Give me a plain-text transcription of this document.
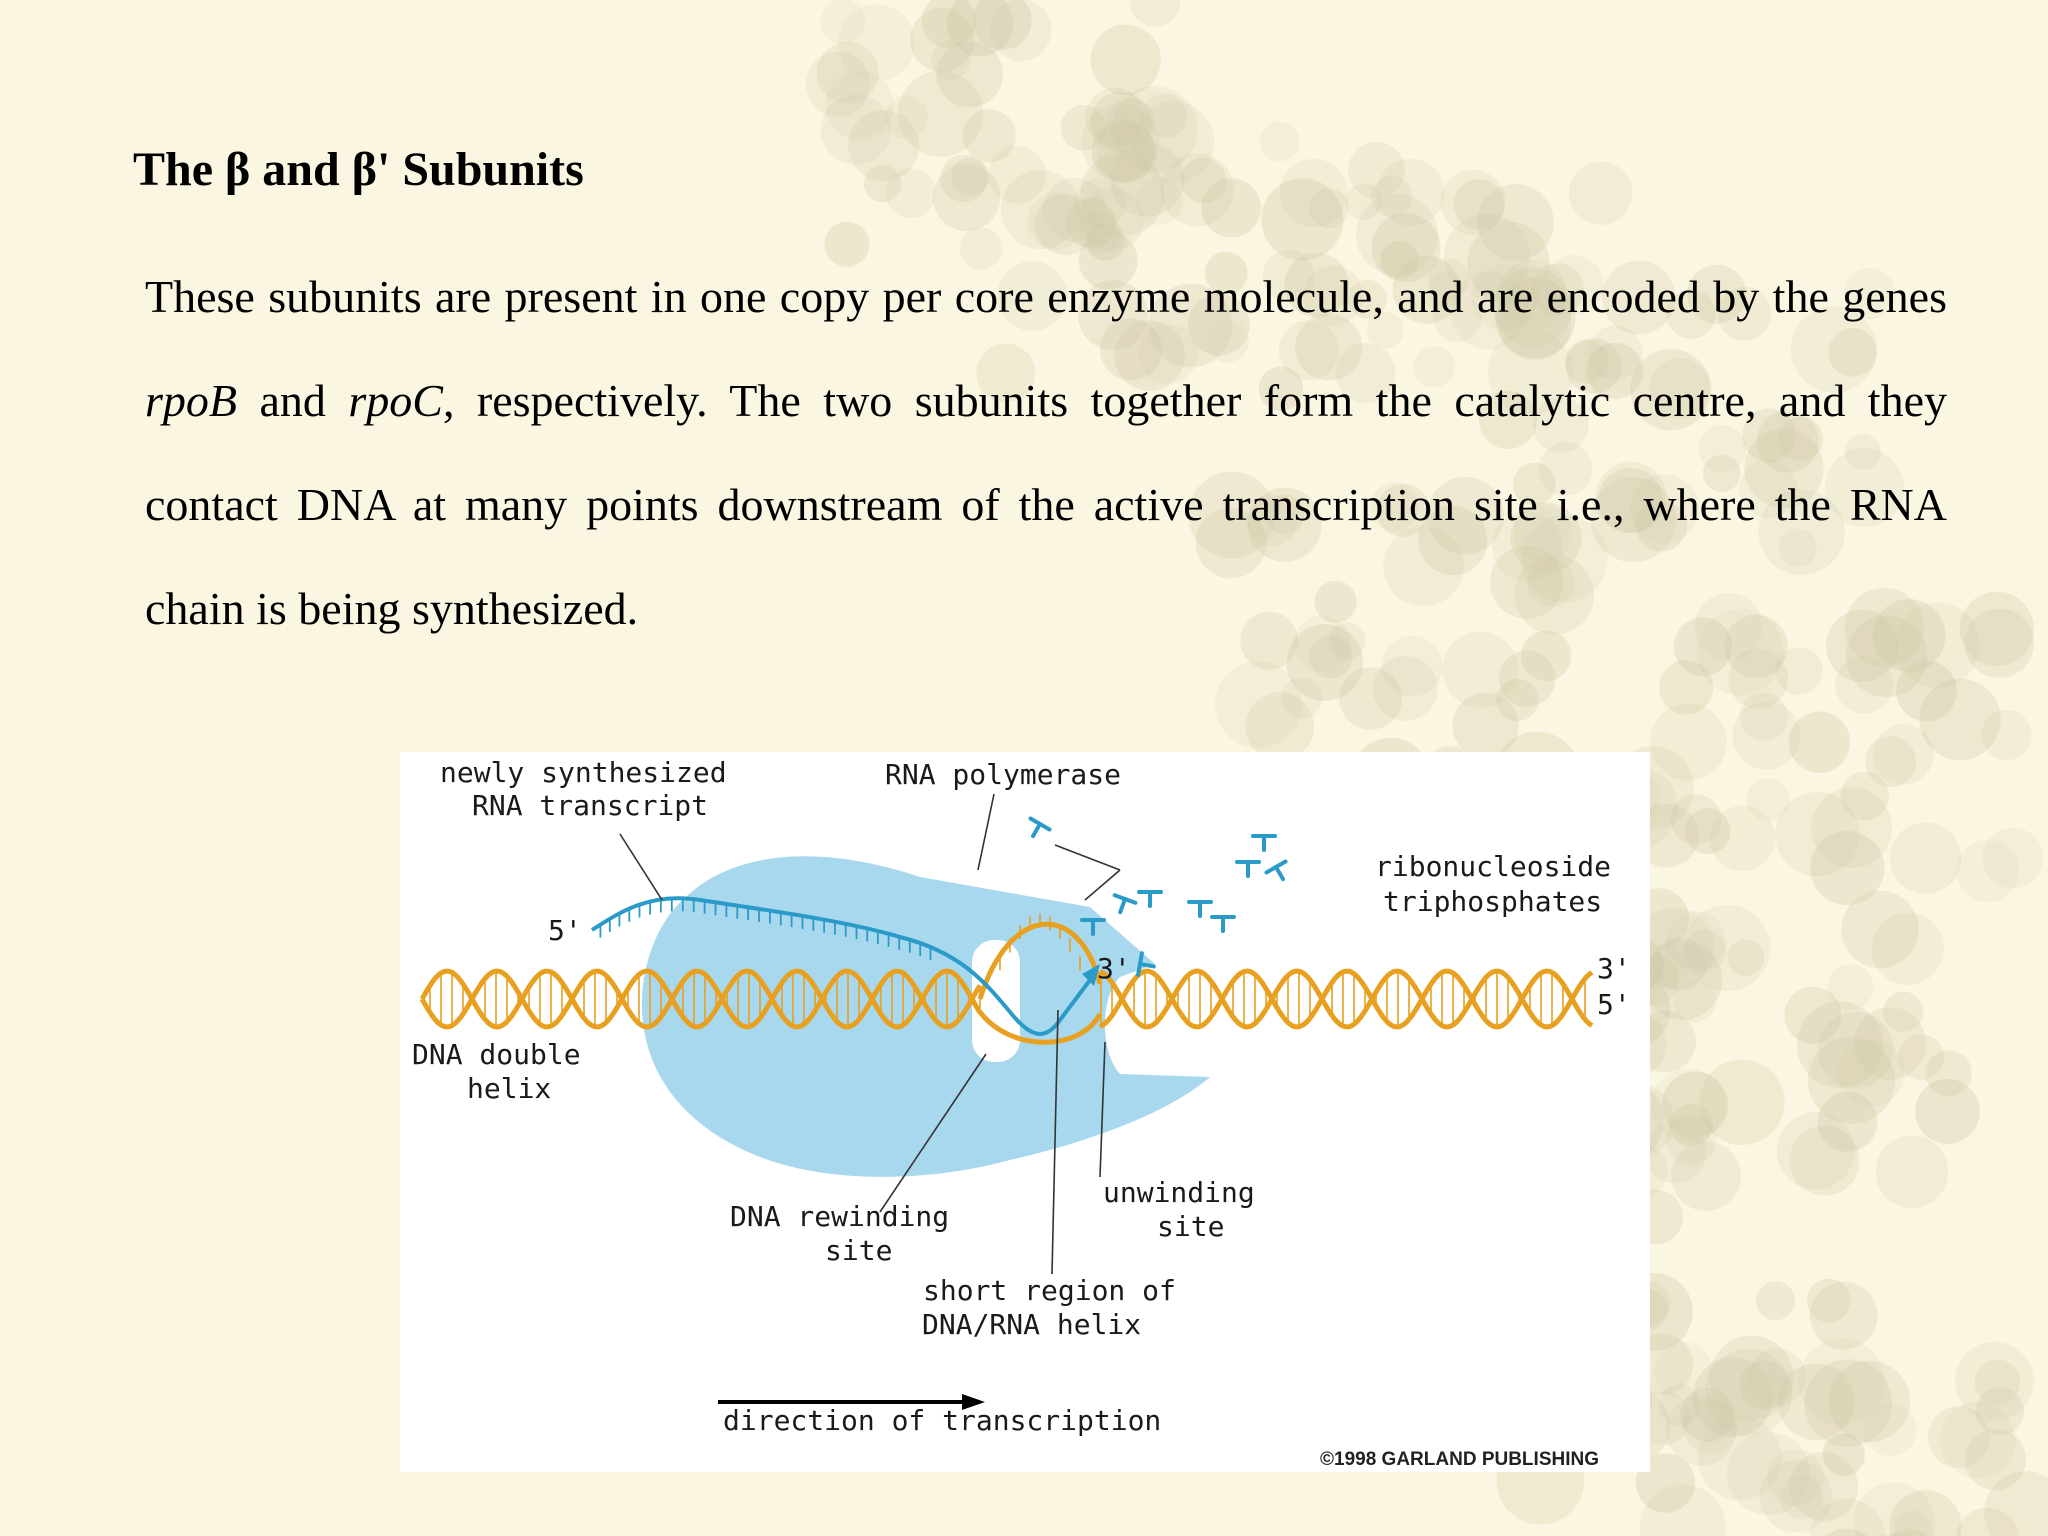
The β and β' Subunits

These subunits are present in one copy per core enzyme molecule, and are encoded by the genes rpoB and rpoC, respectively. The two subunits together form the catalytic centre, and they contact DNA at many points downstream of the active transcription site i.e., where the RNA chain is being synthesized.

newly synthesized
RNA transcript
RNA polymerase
ribonucleoside
triphosphates
5'
3'	3'
5'
DNA double
helix
DNA rewinding
site
unwinding
site
short region of
DNA/RNA helix
direction of transcription
©1998 GARLAND PUBLISHING
